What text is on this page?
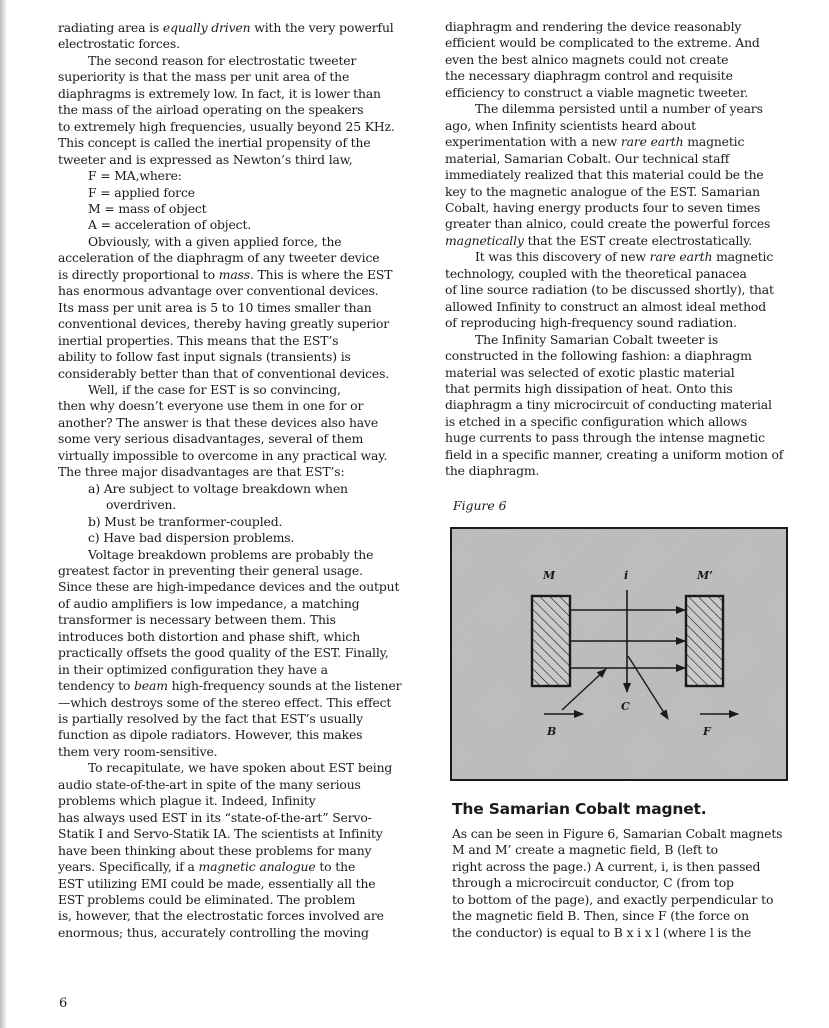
radiating area is equally driven with the very powerful
electrostatic forces.
The second reason for electrostatic tweeter
superiority is that the mass per unit area of the
diaphragms is extremely low. In fact, it is lower than
the mass of the airload operating on the speakers
to extremely high frequencies, usually beyond 25 KHz.
This concept is called the inertial propensity of the
tweeter and is expressed as Newton’s third law,
F = MA,where:
F = applied force
M = mass of object
A = acceleration of object.
Obviously, with a given applied force, the
acceleration of the diaphragm of any tweeter device
is directly proportional to mass. This is where the EST
has enormous advantage over conventional devices.
Its mass per unit area is 5 to 10 times smaller than
conventional devices, thereby having greatly superior
inertial properties. This means that the EST’s
ability to follow fast input signals (transients) is
considerably better than that of conventional devices.
Well, if the case for EST is so convincing,
then why doesn’t everyone use them in one for or
another? The answer is that these devices also have
some very serious disadvantages, several of them
virtually impossible to overcome in any practical way.
The three major disadvantages are that EST’s:
a) Are subject to voltage breakdown when
overdriven.
b) Must be tranformer-coupled.
c) Have bad dispersion problems.
Voltage breakdown problems are probably the
greatest factor in preventing their general usage.
Since these are high-impedance devices and the output
of audio amplifiers is low impedance, a matching
transformer is necessary between them. This
introduces both distortion and phase shift, which
practically offsets the good quality of the EST. Finally,
in their optimized configuration they have a
tendency to beam high-frequency sounds at the listener
—which destroys some of the stereo effect. This effect
is partially resolved by the fact that EST’s usually
function as dipole radiators. However, this makes
them very room-sensitive.
To recapitulate, we have spoken about EST being
audio state-of-the-art in spite of the many serious
problems which plague it. Indeed, Infinity
has always used EST in its “state-of-the-art” Servo-
Statik I and Servo-Statik IA. The scientists at Infinity
have been thinking about these problems for many
years. Specifically, if a magnetic analogue to the
EST utilizing EMI could be made, essentially all the
EST problems could be eliminated. The problem
is, however, that the electrostatic forces involved are
enormous; thus, accurately controlling the moving
diaphragm and rendering the device reasonably
efficient would be complicated to the extreme. And
even the best alnico magnets could not create
the necessary diaphragm control and requisite
efficiency to construct a viable magnetic tweeter.
The dilemma persisted until a number of years
ago, when Infinity scientists heard about
experimentation with a new rare earth magnetic
material, Samarian Cobalt. Our technical staff
immediately realized that this material could be the
key to the magnetic analogue of the EST. Samarian
Cobalt, having energy products four to seven times
greater than alnico, could create the powerful forces
magnetically that the EST create electrostatically.
It was this discovery of new rare earth magnetic
technology, coupled with the theoretical panacea
of line source radiation (to be discussed shortly), that
allowed Infinity to construct an almost ideal method
of reproducing high-frequency sound radiation.
The Infinity Samarian Cobalt tweeter is
constructed in the following fashion: a diaphragm
material was selected of exotic plastic material
that permits high dissipation of heat. Onto this
diaphragm a tiny microcircuit of conducting material
is etched in a specific configuration which allows
huge currents to pass through the intense magnetic
field in a specific manner, creating a uniform motion of
the diaphragm.
Figure 6
M	M’
i
C
B	F
The Samarian Cobalt magnet.
As can be seen in Figure 6, Samarian Cobalt magnets
M and M’ create a magnetic field, B (left to
right across the page.) A current, i, is then passed
through a microcircuit conductor, C (from top
to bottom of the page), and exactly perpendicular to
the magnetic field B. Then, since F (the force on
the conductor) is equal to B x i x l (where l is the
6
